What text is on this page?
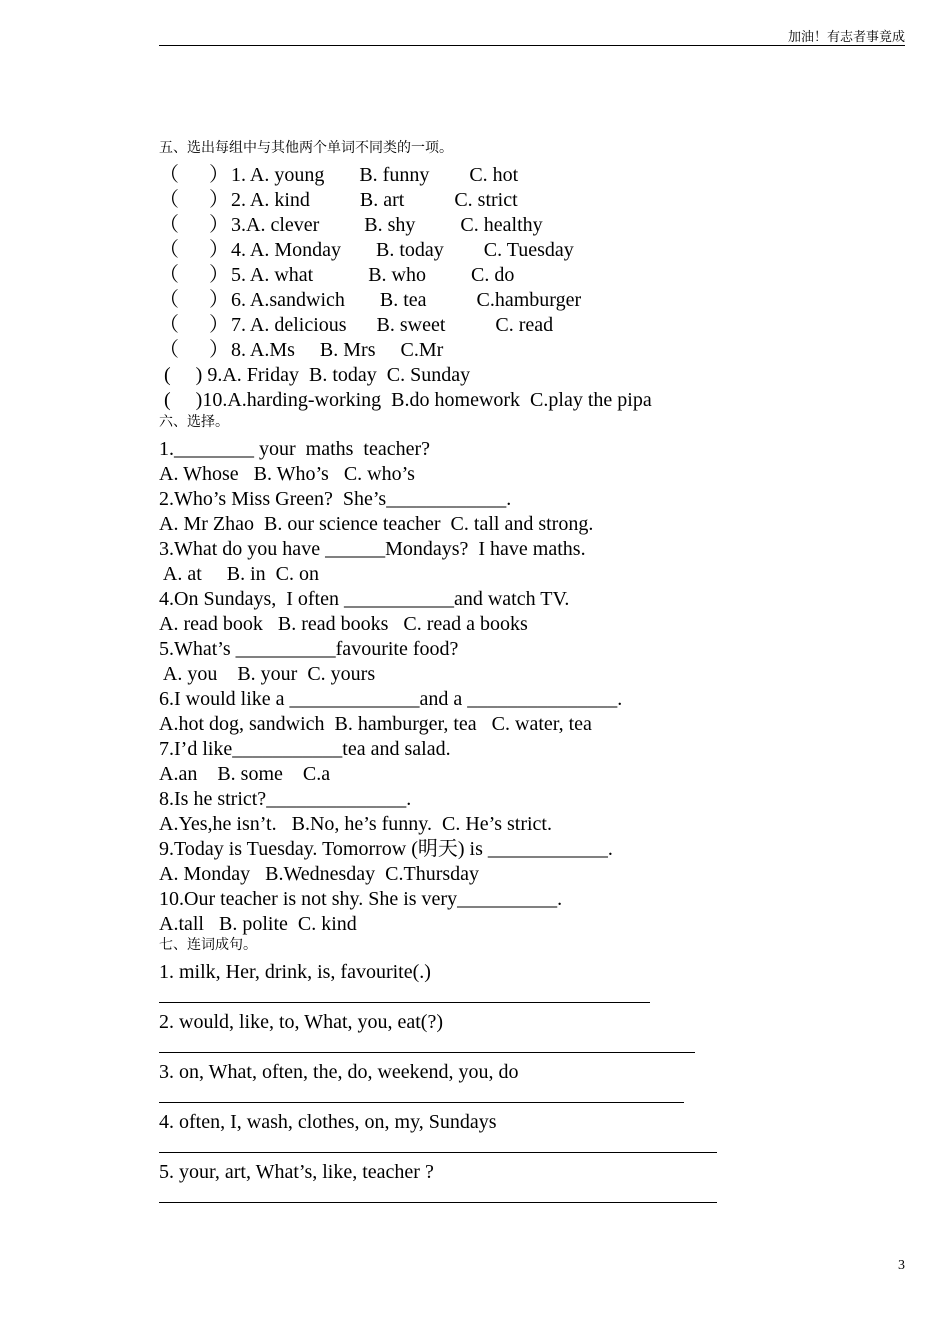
加油！有志者事竟成
五、选出每组中与其他两个单词不同类的一项。
（      ） 1. A. young       B. funny        C. hot
（      ） 2. A. kind          B. art          C. strict
（      ） 3.A. clever         B. shy         C. healthy
（      ） 4. A. Monday       B. today        C. Tuesday
（      ） 5. A. what           B. who         C. do
（      ） 6. A.sandwich       B. tea          C.hamburger
（      ） 7. A. delicious      B. sweet          C. read
（      ） 8. A.Ms     B. Mrs     C.Mr
(     ) 9.A. Friday  B. today  C. Sunday
(     )10.A.harding-working  B.do homework  C.play the pipa
六、选择。
1.________ your  maths  teacher?
A. Whose   B. Who’s   C. who’s
2.Who’s Miss Green?  She’s____________.
A. Mr Zhao  B. our science teacher  C. tall and strong.
3.What do you have ______Mondays?  I have maths.
A. at     B. in  C. on
4.On Sundays,  I often ___________and watch TV.
A. read book   B. read books   C. read a books
5.What’s __________favourite food?
A. you    B. your  C. yours
6.I would like a _____________and a _______________.
A.hot dog, sandwich  B. hamburger, tea   C. water, tea
7.I’d like___________tea and salad.
A.an    B. some    C.a
8.Is he strict?______________.
A.Yes,he isn’t.   B.No, he’s funny.  C. He’s strict.
9.Today is Tuesday. Tomorrow (明天) is ____________.
A. Monday   B.Wednesday  C.Thursday
10.Our teacher is not shy. She is very__________.
A.tall   B. polite  C. kind
七、连词成句。
1. milk, Her, drink, is, favourite(.)
2. would, like, to, What, you, eat(?)
3. on, What, often, the, do, weekend, you, do
4. often, I, wash, clothes, on, my, Sundays
5. your, art, What’s, like, teacher ?
3
